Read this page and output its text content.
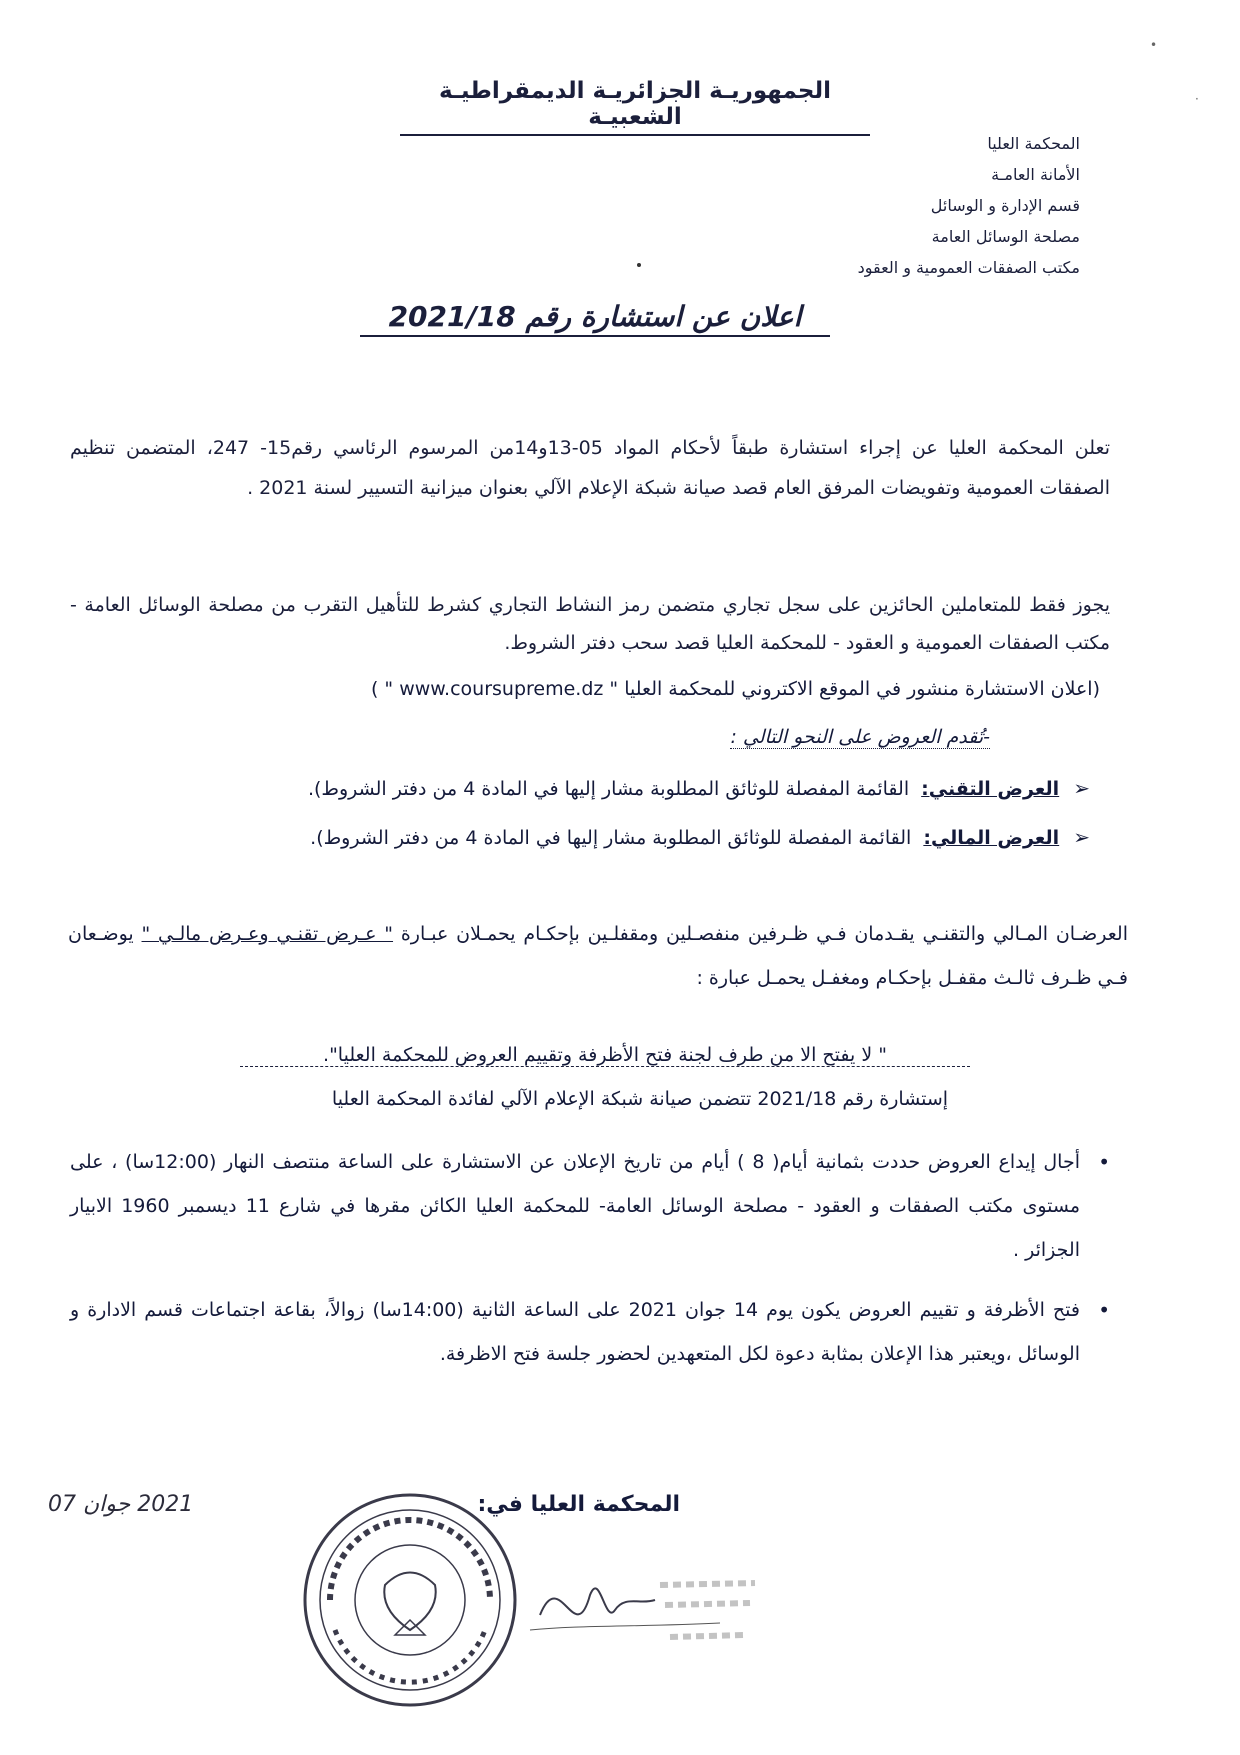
•
·
الجمهوريـة الجزائريـة الديمقراطيـة الشعبيـة
المحكمة العليا
الأمانة العامـة
قسم الإدارة و الوسائل
مصلحة الوسائل العامة
مكتب الصفقات العمومية و العقود
اعلان عن استشارة رقم 2021/18
تعلن المحكمة العليا عن إجراء استشارة طبقاً لأحكام المواد 05-13و14من المرسوم الرئاسي رقم15- 247، المتضمن تنظيم الصفقات العمومية وتفويضات المرفق العام قصد صيانة شبكة الإعلام الآلي بعنوان ميزانية التسيير لسنة 2021 .
يجوز فقط للمتعاملين الحائزين على سجل تجاري متضمن رمز النشاط التجاري كشرط للتأهيل التقرب من مصلحة الوسائل العامة - مكتب الصفقات العمومية و العقود - للمحكمة العليا قصد سحب دفتر الشروط.
(اعلان الاستشارة منشور في الموقع الاكتروني للمحكمة العليا " www.coursupreme.dz " )
-تُقدم العروض على النحو التالي :
➢ العرض التقني: القائمة المفصلة للوثائق المطلوبة مشار إليها في المادة 4 من دفتر الشروط).
➢ العرض المالي: القائمة المفصلة للوثائق المطلوبة مشار إليها في المادة 4 من دفتر الشروط).
العرضـان المـالي والتقنـي يقـدمان فـي ظـرفين منفصـلين ومقفلـين بإحكـام يحمـلان عبـارة " عـرض تقنـي وعـرض مالـي " يوضـعان فـي ظـرف ثالـث مقفـل بإحكـام ومغفـل يحمـل عبارة :
" لا يفتح الا من طرف لجنة فتح الأظرفة وتقييم العروض للمحكمة العليا".
إستشارة رقم 2021/18 تتضمن صيانة شبكة الإعلام الآلي لفائدة المحكمة العليا
•
أجال إيداع العروض حددت بثمانية أيام( 8 ) أيام من تاريخ الإعلان عن الاستشارة على الساعة منتصف النهار (12:00سا) ، على مستوى مكتب الصفقات و العقود - مصلحة الوسائل العامة- للمحكمة العليا الكائن مقرها في شارع 11 ديسمبر 1960 الابيار الجزائر .
•
فتح الأظرفة و تقييم العروض يكون يوم 14 جوان 2021 على الساعة الثانية (14:00سا) زوالاً، بقاعة اجتماعات قسم الادارة و الوسائل ،ويعتبر هذا الإعلان بمثابة دعوة لكل المتعهدين لحضور جلسة فتح الاظرفة.
المحكمة العليا في:
2021 جوان 07
